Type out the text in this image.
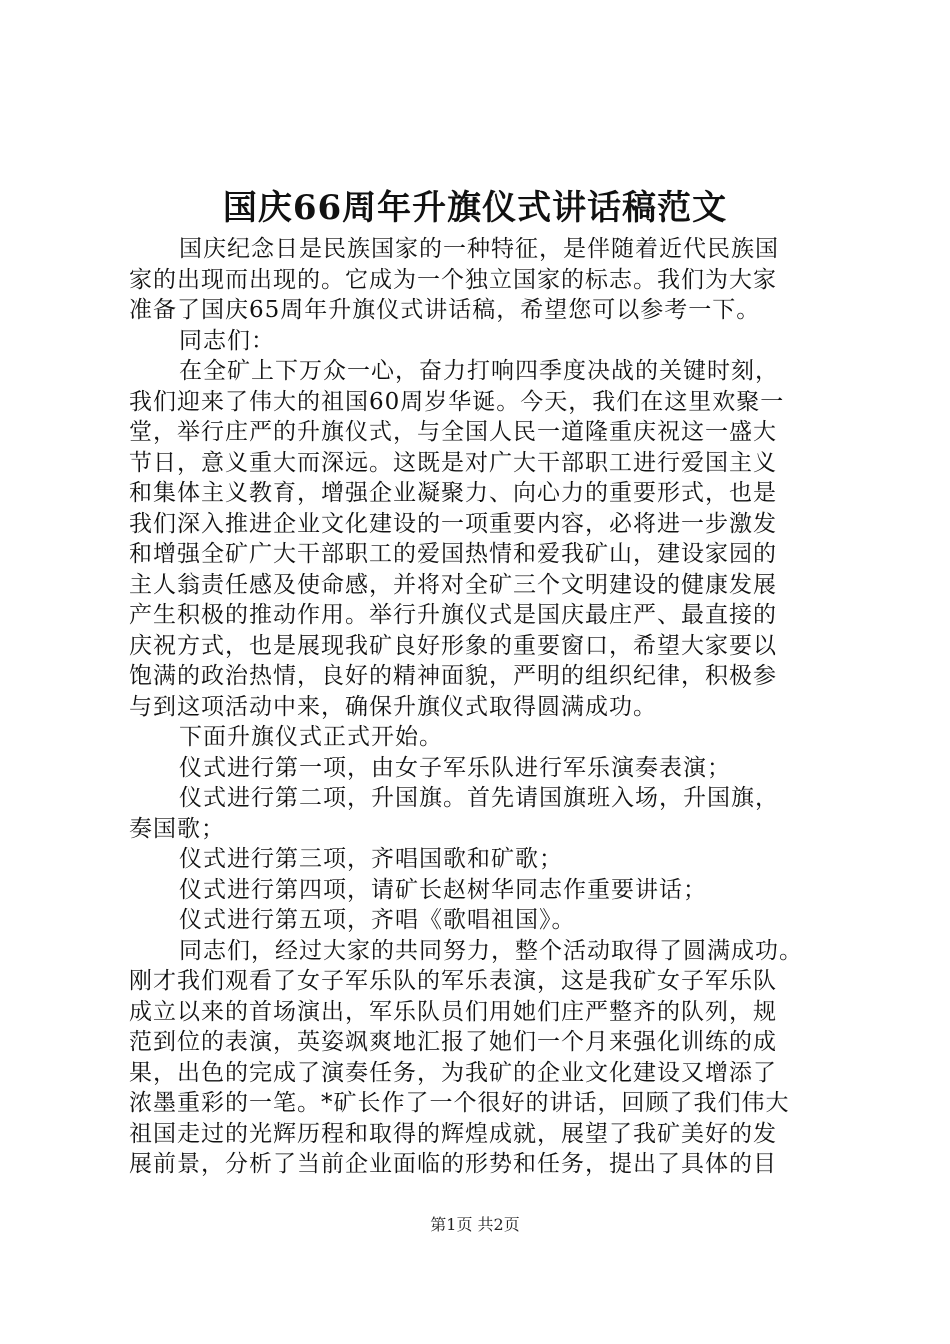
国庆66周年升旗仪式讲话稿范文
国庆纪念日是民族国家的一种特征，是伴随着近代民族国
家的出现而出现的。它成为一个独立国家的标志。我们为大家
准备了国庆65周年升旗仪式讲话稿，希望您可以参考一下。
同志们：
在全矿上下万众一心，奋力打响四季度决战的关键时刻，
我们迎来了伟大的祖国60周岁华诞。今天，我们在这里欢聚一
堂，举行庄严的升旗仪式，与全国人民一道隆重庆祝这一盛大
节日，意义重大而深远。这既是对广大干部职工进行爱国主义
和集体主义教育，增强企业凝聚力、向心力的重要形式，也是
我们深入推进企业文化建设的一项重要内容，必将进一步激发
和增强全矿广大干部职工的爱国热情和爱我矿山，建设家园的
主人翁责任感及使命感，并将对全矿三个文明建设的健康发展
产生积极的推动作用。举行升旗仪式是国庆最庄严、最直接的
庆祝方式，也是展现我矿良好形象的重要窗口，希望大家要以
饱满的政治热情，良好的精神面貌，严明的组织纪律，积极参
与到这项活动中来，确保升旗仪式取得圆满成功。
下面升旗仪式正式开始。
仪式进行第一项，由女子军乐队进行军乐演奏表演；
仪式进行第二项，升国旗。首先请国旗班入场，升国旗，
奏国歌；
仪式进行第三项，齐唱国歌和矿歌；
仪式进行第四项，请矿长赵树华同志作重要讲话；
仪式进行第五项，齐唱《歌唱祖国》。
同志们，经过大家的共同努力，整个活动取得了圆满成功。
刚才我们观看了女子军乐队的军乐表演，这是我矿女子军乐队
成立以来的首场演出，军乐队员们用她们庄严整齐的队列，规
范到位的表演，英姿飒爽地汇报了她们一个月来强化训练的成
果，出色的完成了演奏任务，为我矿的企业文化建设又增添了
浓墨重彩的一笔。*矿长作了一个很好的讲话，回顾了我们伟大
祖国走过的光辉历程和取得的辉煌成就，展望了我矿美好的发
展前景，分析了当前企业面临的形势和任务，提出了具体的目
第1页 共2页
